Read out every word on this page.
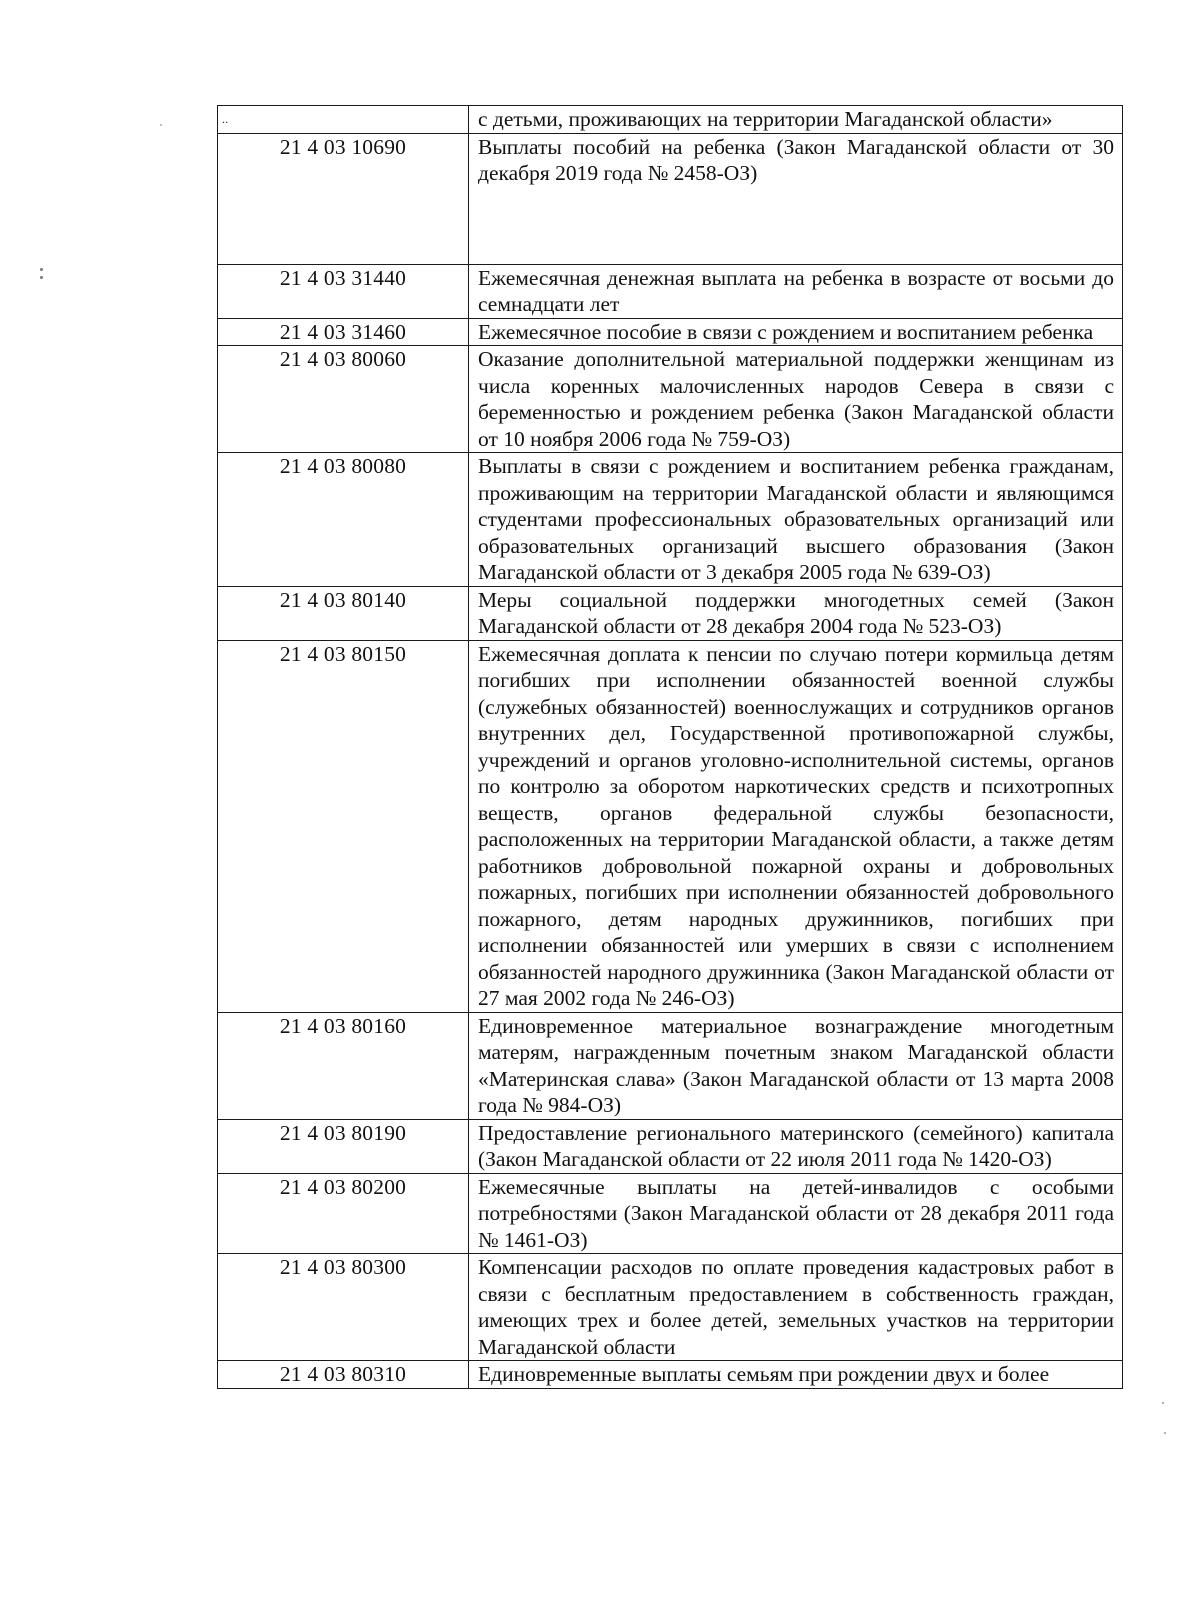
..	с детьми, проживающих на территории Магаданской области»
21 4 03 10690	Выплаты пособий на ребенка (Закон Магаданской области от 30 декабря 2019 года № 2458-ОЗ)
21 4 03 31440	Ежемесячная денежная выплата на ребенка в возрасте от восьми до семнадцати лет
21 4 03 31460	Ежемесячное пособие в связи с рождением и воспитанием ребенка
21 4 03 80060	Оказание дополнительной материальной поддержки женщинам из числа коренных малочисленных народов Севера в связи с беременностью и рождением ребенка (Закон Магаданской области от 10 ноября 2006 года № 759-ОЗ)
21 4 03 80080	Выплаты в связи с рождением и воспитанием ребенка гражданам, проживающим на территории Магаданской области и являющимся студентами профессиональных образовательных организаций или образовательных организаций высшего образования (Закон Магаданской области от 3 декабря 2005 года № 639-ОЗ)
21 4 03 80140	Меры социальной поддержки многодетных семей (Закон Магаданской области от 28 декабря 2004 года № 523-ОЗ)
21 4 03 80150	Ежемесячная доплата к пенсии по случаю потери кормильца детям погибших при исполнении обязанностей военной службы (служебных обязанностей) военнослужащих и сотрудников органов внутренних дел, Государственной противопожарной службы, учреждений и органов уголовно-исполнительной системы, органов по контролю за оборотом наркотических средств и психотропных веществ, органов федеральной службы безопасности, расположенных на территории Магаданской области, а также детям работников добровольной пожарной охраны и добровольных пожарных, погибших при исполнении обязанностей добровольного пожарного, детям народных дружинников, погибших при исполнении обязанностей или умерших в связи с исполнением обязанностей народного дружинника (Закон Магаданской области от 27 мая 2002 года № 246-ОЗ)
21 4 03 80160	Единовременное материальное вознаграждение многодетным матерям, награжденным почетным знаком Магаданской области «Материнская слава» (Закон Магаданской области от 13 марта 2008 года № 984-ОЗ)
21 4 03 80190	Предоставление регионального материнского (семейного) капитала (Закон Магаданской области от 22 июля 2011 года № 1420-ОЗ)
21 4 03 80200	Ежемесячные выплаты на детей-инвалидов с особыми потребностями (Закон Магаданской области от 28 декабря 2011 года № 1461-ОЗ)
21 4 03 80300	Компенсации расходов по оплате проведения кадастровых работ в связи с бесплатным предоставлением в собственность граждан, имеющих трех и более детей, земельных участков на территории Магаданской области
21 4 03 80310	Единовременные выплаты семьям при рождении двух и более
